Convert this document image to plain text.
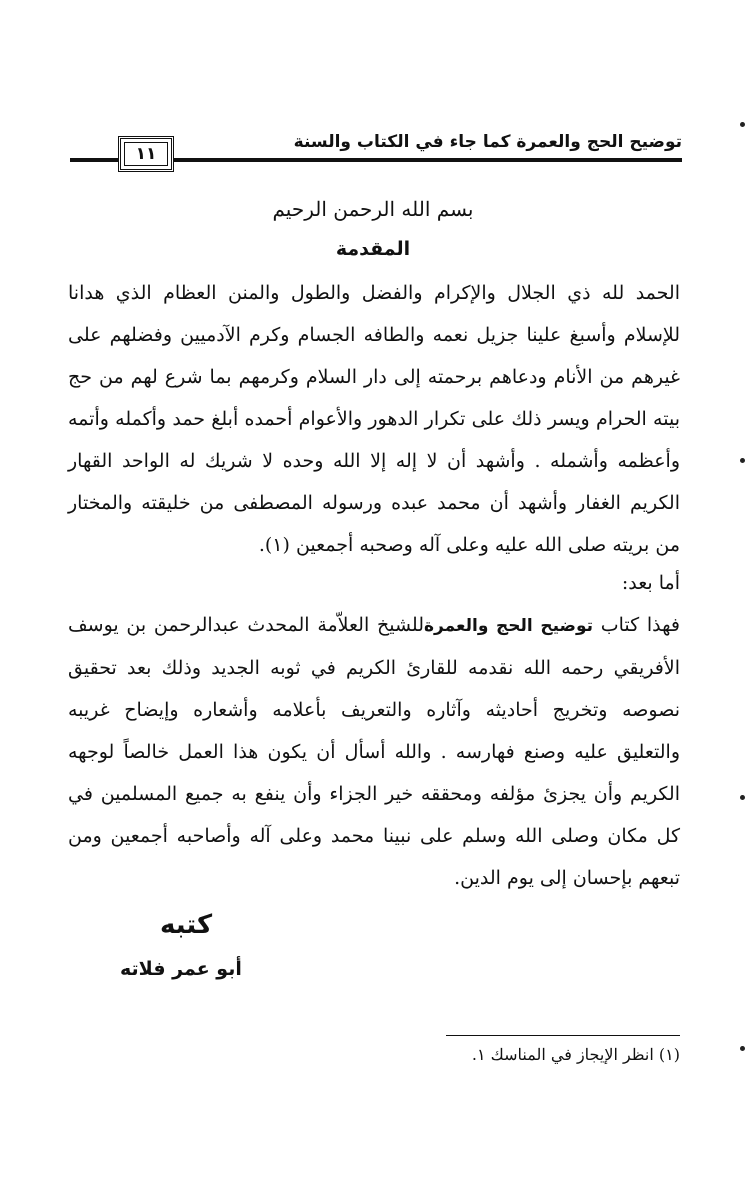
توضيح الحج والعمرة كما جاء في الكتاب والسنة
١١
بسم الله الرحمن الرحيم
المقدمة

الحمد لله ذي الجلال والإكرام والفضل والطول والمنن العظام الذي هدانا للإسلام وأسبغ علينا جزيل نعمه والطافه الجسام وكرم الآدميين وفضلهم على غيرهم من الأنام ودعاهم برحمته إلى دار السلام وكرمهم بما شرع لهم من حج بيته الحرام ويسر ذلك على تكرار الدهور والأعوام أحمده أبلغ حمد وأكمله وأتمه وأعظمه وأشمله . وأشهد أن لا إله إلا الله وحده لا شريك له الواحد القهار الكريم الغفار وأشهد أن محمد عبده ورسوله المصطفى من خليقته والمختار من بريته صلى الله عليه وعلى آله وصحبه أجمعين (١).

أما بعد:

فهذا كتاب توضيح الحج والعمرةللشيخ العلاّمة المحدث عبدالرحمن بن يوسف الأفريقي رحمه الله نقدمه للقارئ الكريم في ثوبه الجديد وذلك بعد تحقيق نصوصه وتخريج أحاديثه وآثاره والتعريف بأعلامه وأشعاره وإيضاح غريبه والتعليق عليه وصنع فهارسه . والله أسأل أن يكون هذا العمل خالصاً لوجهه الكريم وأن يجزئ مؤلفه ومحققه خير الجزاء وأن ينفع به جميع المسلمين في كل مكان وصلى الله وسلم على نبينا محمد وعلى آله وأصاحبه أجمعين ومن تبعهم بإحسان إلى يوم الدين.

كتبه
أبو عمر فلاته
(١) انظر الإيجاز في المناسك ١.
